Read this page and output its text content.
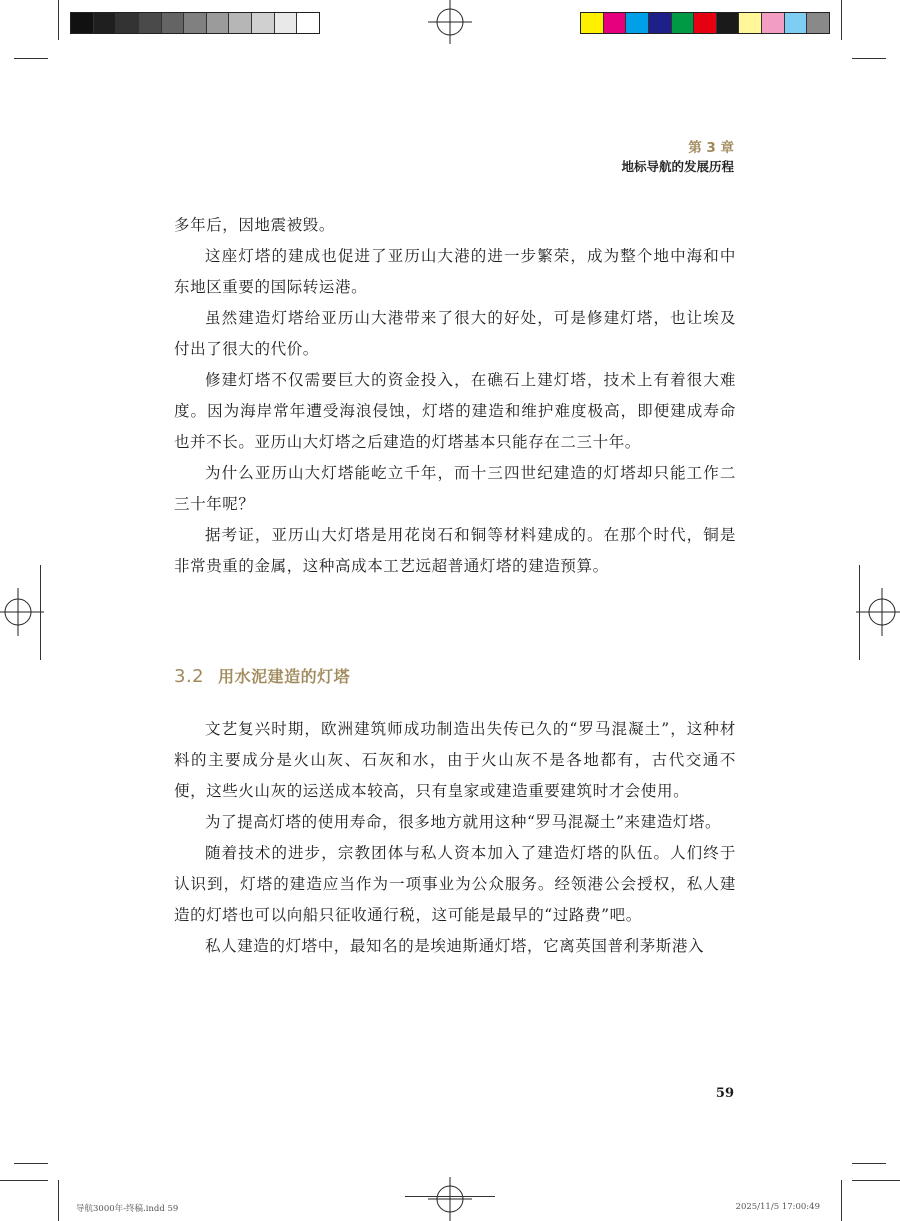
第 3 章
地标导航的发展历程

多年后，因地震被毁。

这座灯塔的建成也促进了亚历山大港的进一步繁荣，成为整个地中海和中东地区重要的国际转运港。

虽然建造灯塔给亚历山大港带来了很大的好处，可是修建灯塔，也让埃及付出了很大的代价。

修建灯塔不仅需要巨大的资金投入，在礁石上建灯塔，技术上有着很大难度。因为海岸常年遭受海浪侵蚀，灯塔的建造和维护难度极高，即便建成寿命也并不长。亚历山大灯塔之后建造的灯塔基本只能存在二三十年。

为什么亚历山大灯塔能屹立千年，而十三四世纪建造的灯塔却只能工作二三十年呢？

据考证，亚历山大灯塔是用花岗石和铜等材料建成的。在那个时代，铜是非常贵重的金属，这种高成本工艺远超普通灯塔的建造预算。

3.2 用水泥建造的灯塔

文艺复兴时期，欧洲建筑师成功制造出失传已久的“罗马混凝土”，这种材料的主要成分是火山灰、石灰和水，由于火山灰不是各地都有，古代交通不便，这些火山灰的运送成本较高，只有皇家或建造重要建筑时才会使用。

为了提高灯塔的使用寿命，很多地方就用这种“罗马混凝土”来建造灯塔。

随着技术的进步，宗教团体与私人资本加入了建造灯塔的队伍。人们终于认识到，灯塔的建造应当作为一项事业为公众服务。经领港公会授权，私人建造的灯塔也可以向船只征收通行税，这可能是最早的“过路费”吧。

私人建造的灯塔中，最知名的是埃迪斯通灯塔，它离英国普利茅斯港入

59
导航3000年-终稿.indd 59	2025/11/5 17:00:49
